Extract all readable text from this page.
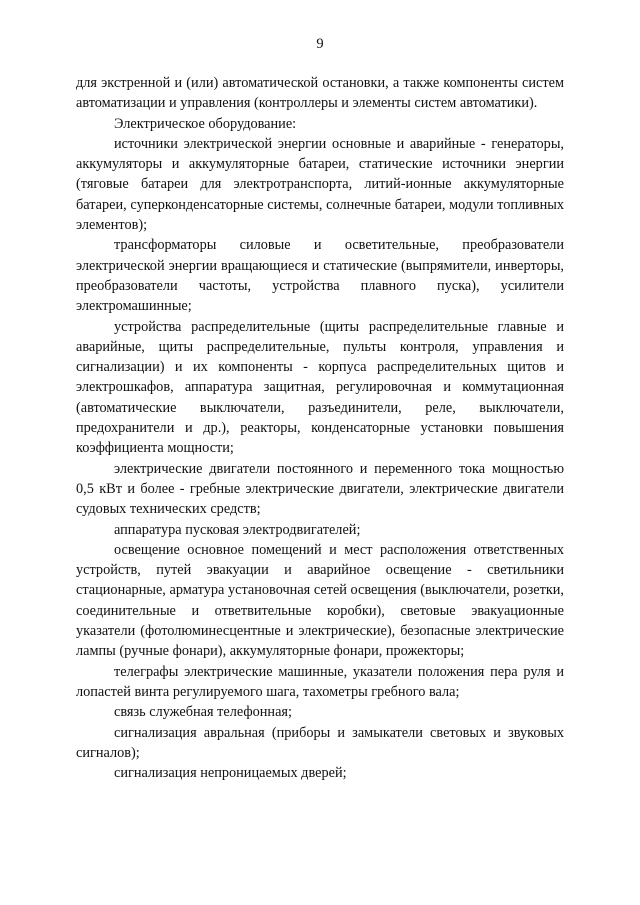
9

для экстренной и (или) автоматической остановки, а также компоненты систем автоматизации и управления (контроллеры и элементы систем автоматики).

Электрическое оборудование:

источники электрической энергии основные и аварийные - генераторы, аккумуляторы и аккумуляторные батареи, статические источники энергии (тяговые батареи для электротранспорта, литий-ионные аккумуляторные батареи, суперконденсаторные системы, солнечные батареи, модули топливных элементов);

трансформаторы силовые и осветительные, преобразователи электрической энергии вращающиеся и статические (выпрямители, инверторы, преобразователи частоты, устройства плавного пуска), усилители электромашинные;

устройства распределительные (щиты распределительные главные и аварийные, щиты распределительные, пульты контроля, управления и сигнализации) и их компоненты - корпуса распределительных щитов и электрошкафов, аппаратура защитная, регулировочная и коммутационная (автоматические выключатели, разъединители, реле, выключатели, предохранители и др.), реакторы, конденсаторные установки повышения коэффициента мощности;

электрические двигатели постоянного и переменного тока мощностью 0,5 кВт и более - гребные электрические двигатели, электрические двигатели судовых технических средств;

аппаратура пусковая электродвигателей;

освещение основное помещений и мест расположения ответственных устройств, путей эвакуации и аварийное освещение - светильники стационарные, арматура установочная сетей освещения (выключатели, розетки, соединительные и ответвительные коробки), световые эвакуационные указатели (фотолюминесцентные и электрические), безопасные электрические лампы (ручные фонари), аккумуляторные фонари, прожекторы;

телеграфы электрические машинные, указатели положения пера руля и лопастей винта регулируемого шага, тахометры гребного вала;

связь служебная телефонная;

сигнализация авральная (приборы и замыкатели световых и звуковых сигналов);

сигнализация непроницаемых дверей;
